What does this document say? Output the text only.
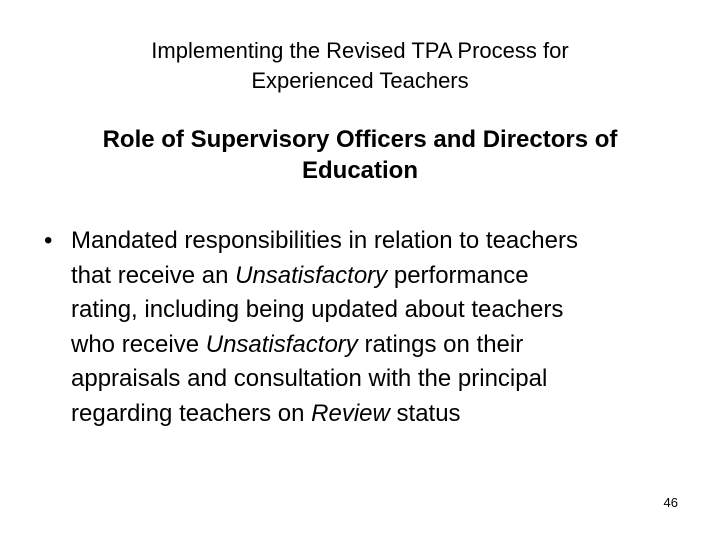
Implementing the Revised TPA Process for
Experienced Teachers
Role of Supervisory Officers and Directors of
Education
• Mandated responsibilities in relation to teachers
that receive an Unsatisfactory performance
rating, including being updated about teachers
who receive Unsatisfactory ratings on their
appraisals and consultation with the principal
regarding teachers on Review status
46
